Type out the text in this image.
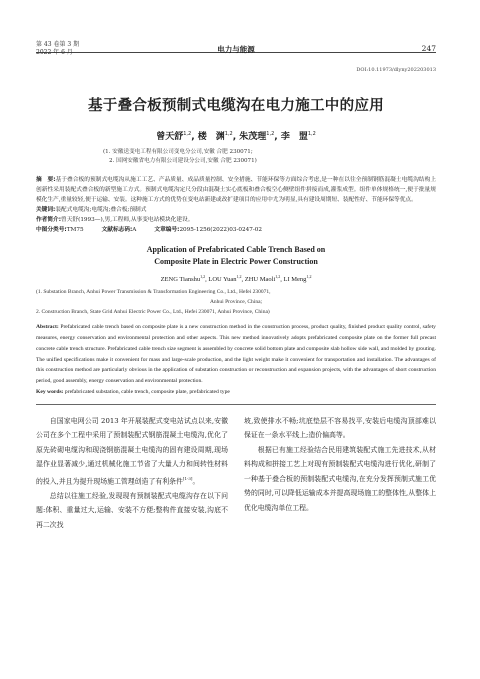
第 43 卷第 3 期
2022 年 6 月	电力与能源	247
DOI:10.11973/dlyny202203013
基于叠合板预制式电缆沟在电力施工中的应用
曾天舒$^{1,2}$, 楼　渊$^{1,2}$, 朱茂理$^{1,2}$, 李　盟$^{1,2}$
(1. 安徽送变电工程有限公司变电分公司,安徽 合肥 230071;
2. 国网安徽省电力有限公司建设分公司,安徽 合肥 230071)
摘　要:基于叠合板的预制式电缆沟从施工工艺、产品质量、成品质量控制、安全措施、节能环保等方面综合考虑,是一种在以往全预制钢筋混凝土电缆沟结构上创新性采用装配式叠合板的新型施工方式。预制式电缆沟定尺分段由混凝土实心底板和叠合板空心侧壁组件拼接而成,灌浆成型。组件单体规格统一,便于批量规模化生产,重量较轻,便于运输、安装。这种施工方式的优势在变电站新建或改扩建项目的应用中尤为明显,具有建设周期短、装配性好、节能环保等优点。
关键词:装配式电缆沟;电缆沟;叠合板;预制式
作者简介:曾天舒(1993—),男,工程师,从事变电站模块化建设。
中图分类号:TM75	文献标志码:A	文章编号:2095-1256(2022)03-0247-02
Application of Prefabricated Cable Trench Based on
Composite Plate in Electric Power Construction
ZENG Tianshu$^{1,2}$, LOU Yuan$^{1,2}$, ZHU Maoli$^{1,2}$, LI Meng$^{1,2}$
(1. Substation Branch, Anhui Power Transmission & Transformation Engineering Co., Ltd., Hefei 230071,
Anhui Province, China;
2. Construction Branch, State Grid Anhui Electric Power Co., Ltd., Hefei 230071, Anhui Province, China)
Abstract: Prefabricated cable trench based on composite plate is a new construction method in the construction process, product quality, finished product quality control, safety measures, energy conservation and environmental protection and other aspects. This new method innovatively adopts prefabricated composite plate on the former full precast concrete cable trench structure. Prefabricated cable trench size segment is assembled by concrete solid bottom plate and composite slab hollow side wall, and molded by grouting. The unified specifications make it convenient for mass and large-scale production, and the light weight make it convenient for transportation and installation. The advantages of this construction method are particularly obvious in the application of substation construction or reconstruction and expansion projects, with the advantages of short construction period, good assembly, energy conservation and environmental protection.
Key words: prefabricated substation, cable trench, composite plate, prefabricated type

自国家电网公司 2013 年开展装配式变电站试点以来,安徽公司在多个工程中采用了预制装配式钢筋混凝土电缆沟,优化了原先砖砌电缆沟和现浇钢筋混凝土电缆沟的固有建设周期,现场湿作业显著减少,通过机械化施工节省了大量人力和间转性材料的投入,并且为提升现场施工管理创造了有利条件[1-3]。

总结以往施工经验,发现现有预制装配式电缆沟存在以下问题:体积、重量过大,运输、安装不方便;整构件直接安装,沟底不再二次找

坡,致使排水不畅;坑底垫层不容易找平,安装后电缆沟顶部难以保证在一条水平线上;造价偏高等。

根据已有施工经验结合民用建筑装配式施工先进技术,从材料构成和拼接工艺上对现有预制装配式电缆沟进行优化,研制了一种基于叠合板的预制装配式电缆沟,在充分发挥预制式施工优势的同时,可以降低运输成本并提高现场施工的整体性,从整体上优化电缆沟单位工程。
